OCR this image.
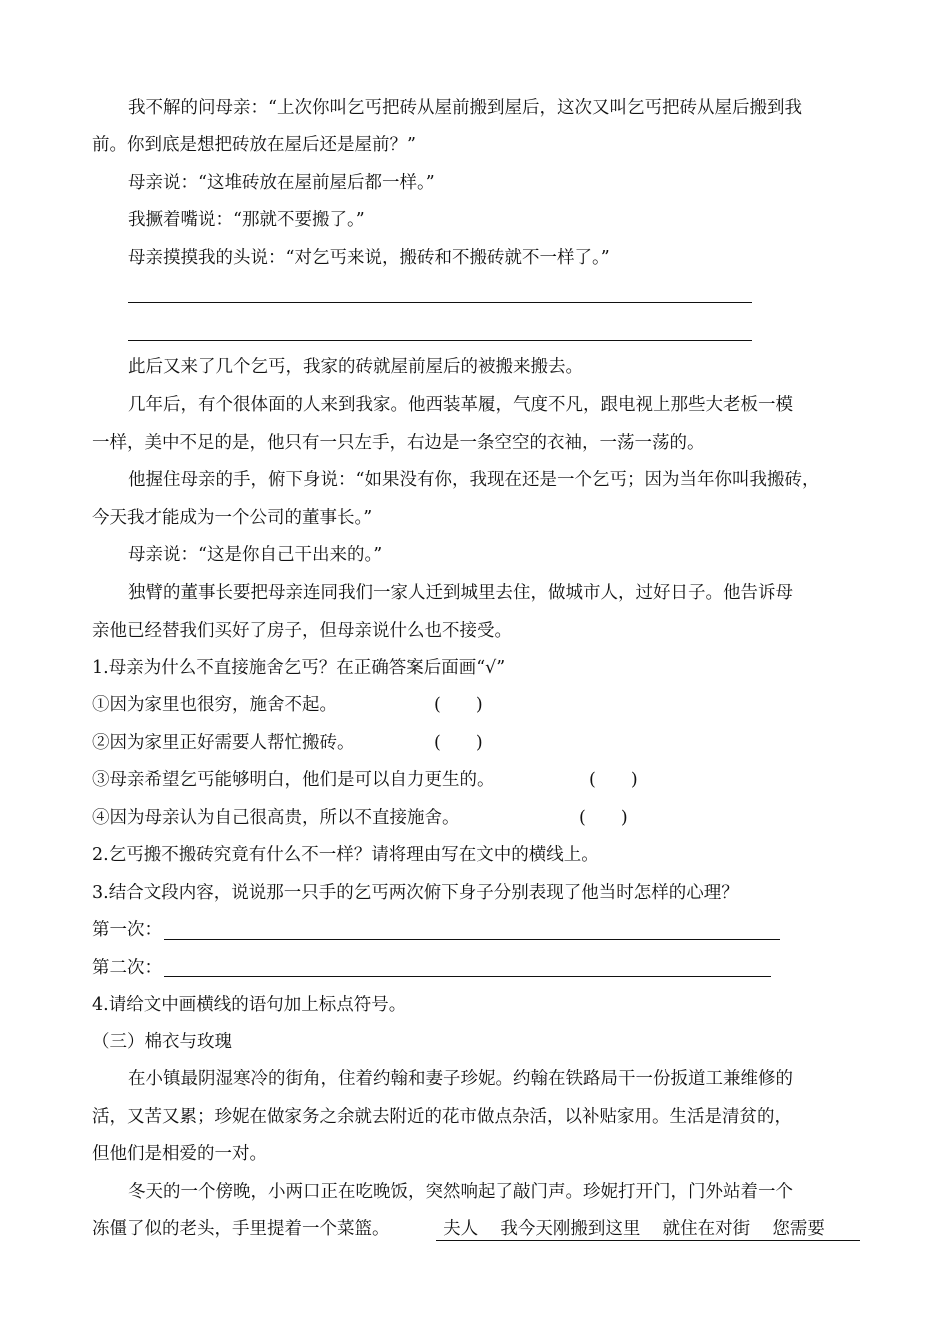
我不解的问母亲：“上次你叫乞丐把砖从屋前搬到屋后，这次又叫乞丐把砖从屋后搬到我
前。你到底是想把砖放在屋后还是屋前？”
母亲说：“这堆砖放在屋前屋后都一样。”
我撅着嘴说：“那就不要搬了。”
母亲摸摸我的头说：“对乞丐来说，搬砖和不搬砖就不一样了。”
此后又来了几个乞丐，我家的砖就屋前屋后的被搬来搬去。
几年后，有个很体面的人来到我家。他西装革履，气度不凡，跟电视上那些大老板一模
一样，美中不足的是，他只有一只左手，右边是一条空空的衣袖，一荡一荡的。
他握住母亲的手，俯下身说：“如果没有你，我现在还是一个乞丐；因为当年你叫我搬砖，
今天我才能成为一个公司的董事长。”
母亲说：“这是你自己干出来的。”
独臂的董事长要把母亲连同我们一家人迁到城里去住，做城市人，过好日子。他告诉母
亲他已经替我们买好了房子，但母亲说什么也不接受。
1.母亲为什么不直接施舍乞丐？在正确答案后面画“√”
①因为家里也很穷，施舍不起。	(　　)
②因为家里正好需要人帮忙搬砖。	(　　)
③母亲希望乞丐能够明白，他们是可以自力更生的。	(　　)
④因为母亲认为自己很高贵，所以不直接施舍。	(　　)
2.乞丐搬不搬砖究竟有什么不一样？请将理由写在文中的横线上。
3.结合文段内容，说说那一只手的乞丐两次俯下身子分别表现了他当时怎样的心理？
第一次：
第二次：
4.请给文中画横线的语句加上标点符号。
（三）棉衣与玫瑰
在小镇最阴湿寒冷的街角，住着约翰和妻子珍妮。约翰在铁路局干一份扳道工兼维修的
活，又苦又累；珍妮在做家务之余就去附近的花市做点杂活，以补贴家用。生活是清贫的，
但他们是相爱的一对。
冬天的一个傍晚，小两口正在吃晚饭，突然响起了敲门声。珍妮打开门，门外站着一个
冻僵了似的老头，手里提着一个菜篮。	夫人    我今天刚搬到这里    就住在对街    您需要
